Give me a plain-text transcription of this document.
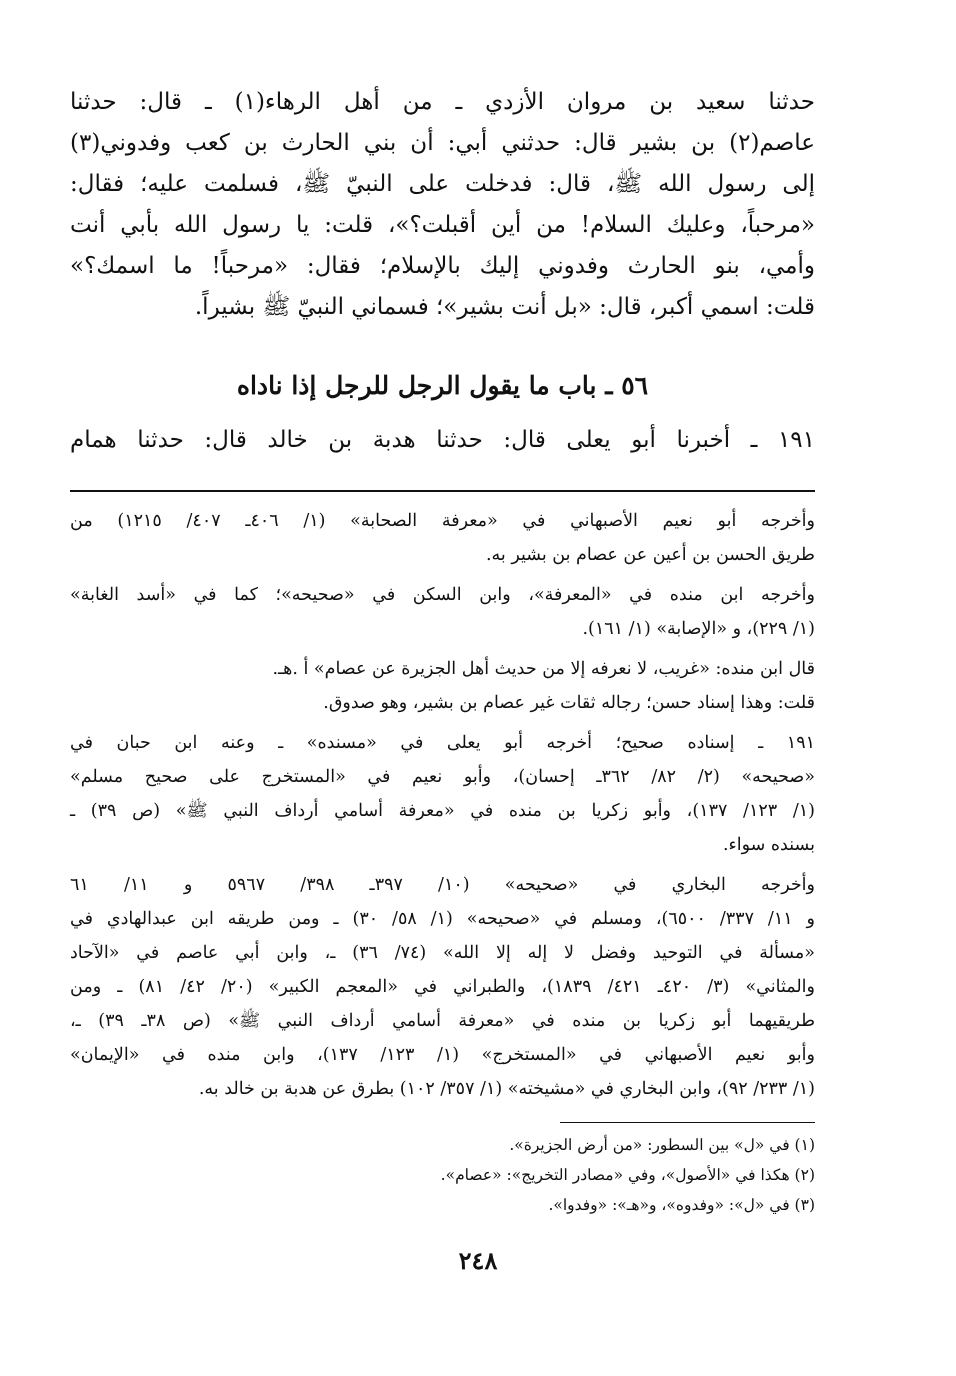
حدثنا سعيد بن مروان الأزدي ـ من أهل الرهاء(١) ـ قال: حدثنا
عاصم(٢) بن بشير قال: حدثني أبي: أن بني الحارث بن كعب وفدوني(٣)
إلى رسول الله ﷺ، قال: فدخلت على النبيّ ﷺ، فسلمت عليه؛ فقال:
«مرحباً، وعليك السلام! من أين أقبلت؟»، قلت: يا رسول الله بأبي أنت
وأمي، بنو الحارث وفدوني إليك بالإسلام؛ فقال: «مرحباً! ما اسمك؟»
قلت: اسمي أكبر، قال: «بل أنت بشير»؛ فسماني النبيّ ﷺ بشيراً.
٥٦ ـ باب ما يقول الرجل للرجل إذا ناداه
١٩١ ـ أخبرنا أبو يعلى قال: حدثنا هدبة بن خالد قال: حدثنا همام
وأخرجه أبو نعيم الأصبهاني في «معرفة الصحابة» (١/ ٤٠٦ـ ٤٠٧/ ١٢١٥) من
طريق الحسن بن أعين عن عصام بن بشير به.
وأخرجه ابن منده في «المعرفة»، وابن السكن في «صحيحه»؛ كما في «أسد الغابة»
(١/ ٢٢٩)، و «الإصابة» (١/ ١٦١).
قال ابن منده: «غريب، لا نعرفه إلا من حديث أهل الجزيرة عن عصام» أ .هـ.
قلت: وهذا إسناد حسن؛ رجاله ثقات غير عصام بن بشير، وهو صدوق.
١٩١ ـ إسناده صحيح؛ أخرجه أبو يعلى في «مسنده» ـ وعنه ابن حبان في
«صحيحه» (٢/ ٨٢/ ٣٦٢ـ إحسان)، وأبو نعيم في «المستخرج على صحيح مسلم»
(١/ ١٢٣/ ١٣٧)، وأبو زكريا بن منده في «معرفة أسامي أرداف النبي ﷺ» (ص ٣٩) ـ
بسنده سواء.
وأخرجه البخاري في «صحيحه» (١٠/ ٣٩٧ـ ٣٩٨/ ٥٩٦٧ و ١١/ ٦١
و ١١/ ٣٣٧/ ٦٥٠٠)، ومسلم في «صحيحه» (١/ ٥٨/ ٣٠) ـ ومن طريقه ابن عبدالهادي في
«مسألة في التوحيد وفضل لا إله إلا الله» (٧٤/ ٣٦) ـ، وابن أبي عاصم في «الآحاد
والمثاني» (٣/ ٤٢٠ـ ٤٢١/ ١٨٣٩)، والطبراني في «المعجم الكبير» (٢٠/ ٤٢/ ٨١) ـ ومن
طريقيهما أبو زكريا بن منده في «معرفة أسامي أرداف النبي ﷺ» (ص ٣٨ـ ٣٩) ـ،
وأبو نعيم الأصبهاني في «المستخرج» (١/ ١٢٣/ ١٣٧)، وابن منده في «الإيمان»
(١/ ٢٣٣/ ٩٢)، وابن البخاري في «مشيخته» (١/ ٣٥٧/ ١٠٢) بطرق عن هدبة بن خالد به.
(١) في «ل» بين السطور: «من أرض الجزيرة».
(٢) هكذا في «الأصول»، وفي «مصادر التخريج»: «عصام».
(٣) في «ل»: «وفدوه»، و«هـ»: «وفدوا».
٢٤٨
